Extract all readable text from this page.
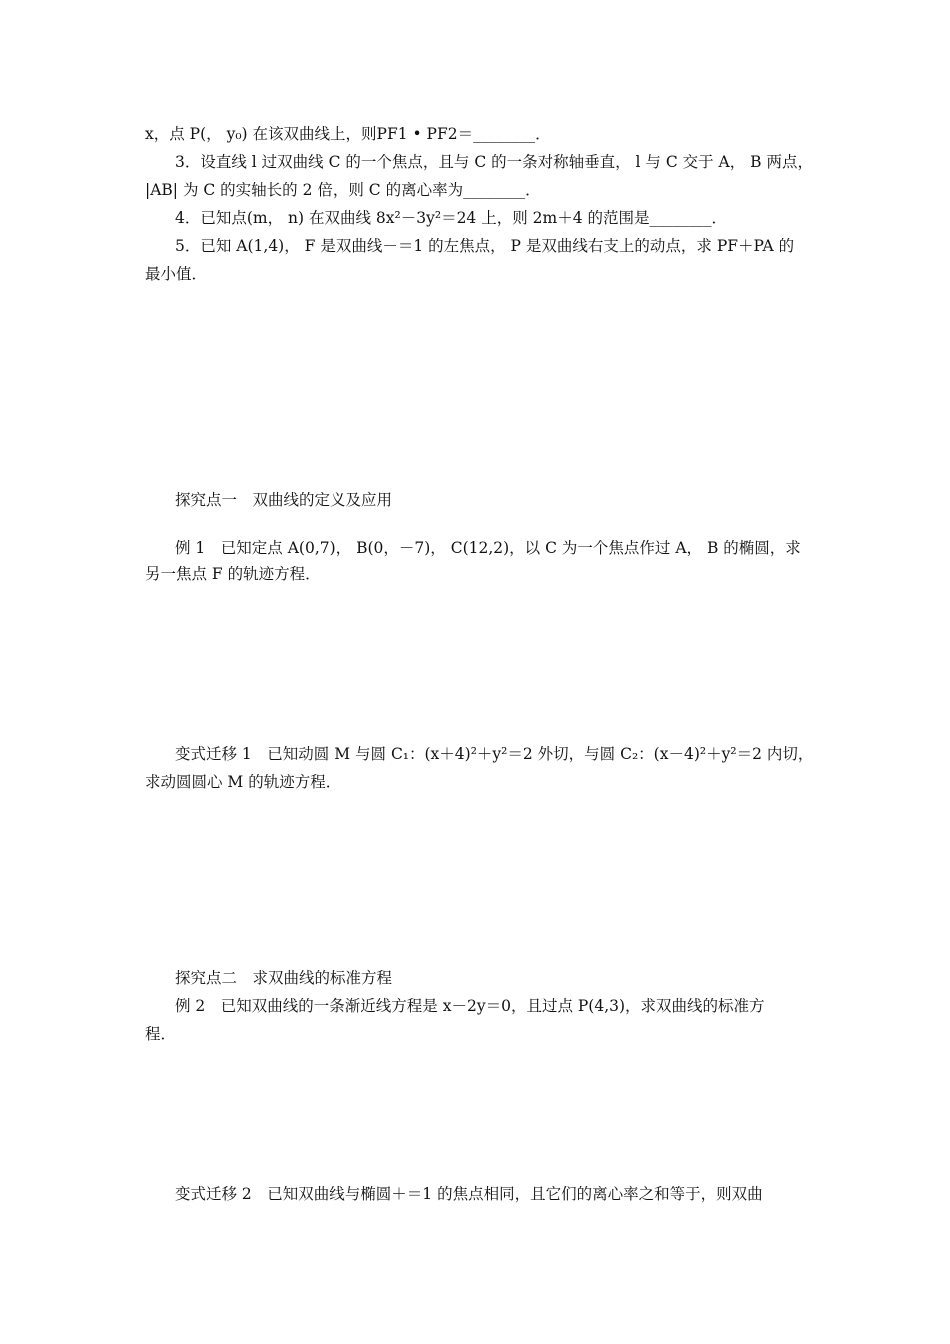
x，点 P(， y₀) 在该双曲线上，则PF1 • PF2＝________．
3．设直线 l 过双曲线 C 的一个焦点，且与 C 的一条对称轴垂直， l 与 C 交于 A， B 两点，
|AB| 为 C 的实轴长的 2 倍，则 C 的离心率为________．
4．已知点(m， n) 在双曲线 8x²－3y²＝24 上，则 2m＋4 的范围是________．
5．已知 A(1,4)， F 是双曲线－＝1 的左焦点， P 是双曲线右支上的动点，求 PF＋PA 的
最小值．
探究点一　双曲线的定义及应用
例 1　已知定点 A(0,7)， B(0，－7)， C(12,2)，以 C 为一个焦点作过 A， B 的椭圆，求
另一焦点 F 的轨迹方程．
变式迁移 1　已知动圆 M 与圆 C₁：(x＋4)²＋y²＝2 外切，与圆 C₂：(x－4)²＋y²＝2 内切，
求动圆圆心 M 的轨迹方程．
探究点二　求双曲线的标准方程
例 2　已知双曲线的一条渐近线方程是 x－2y＝0，且过点 P(4,3)，求双曲线的标准方
程．
变式迁移 2　已知双曲线与椭圆＋＝1 的焦点相同，且它们的离心率之和等于，则双曲
